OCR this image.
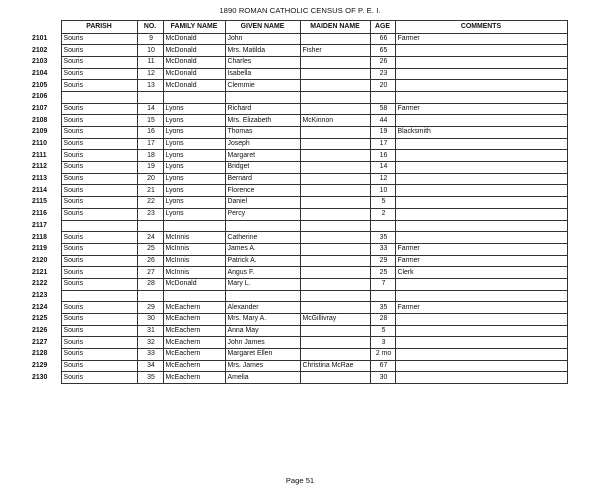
1890 ROMAN CATHOLIC CENSUS OF P. E. I.
	PARISH	NO.	FAMILY NAME	GIVEN NAME	MAIDEN NAME	AGE	COMMENTS
2101	Souris	9	McDonald	John		66	Farmer
2102	Souris	10	McDonald	Mrs. Matilda	Fisher	65	
2103	Souris	11	McDonald	Charles		26	
2104	Souris	12	McDonald	Isabella		23	
2105	Souris	13	McDonald	Clemmie		20	
2106							
2107	Souris	14	Lyons	Richard		58	Farmer
2108	Souris	15	Lyons	Mrs. Elizabeth	McKinnon	44	
2109	Souris	16	Lyons	Thomas		19	Blacksmith
2110	Souris	17	Lyons	Joseph		17	
2111	Souris	18	Lyons	Margaret		16	
2112	Souris	19	Lyons	Bridget		14	
2113	Souris	20	Lyons	Bernard		12	
2114	Souris	21	Lyons	Florence		10	
2115	Souris	22	Lyons	Daniel		5	
2116	Souris	23	Lyons	Percy		2	
2117							
2118	Souris	24	McInnis	Catherine		35	
2119	Souris	25	McInnis	James A.		33	Farmer
2120	Souris	26	McInnis	Patrick A.		29	Farmer
2121	Souris	27	McInnis	Angus F.		25	Clerk
2122	Souris	28	McDonald	Mary L.		7	
2123							
2124	Souris	29	McEachern	Alexander		35	Farmer
2125	Souris	30	McEachern	Mrs. Mary A.	McGillivray	28	
2126	Souris	31	McEachern	Anna May		5	
2127	Souris	32	McEachern	John James		3	
2128	Souris	33	McEachern	Margaret Ellen		2 mo	
2129	Souris	34	McEachern	Mrs. James	Christina McRae	67	
2130	Souris	35	McEachern	Amelia		30	
Page 51
